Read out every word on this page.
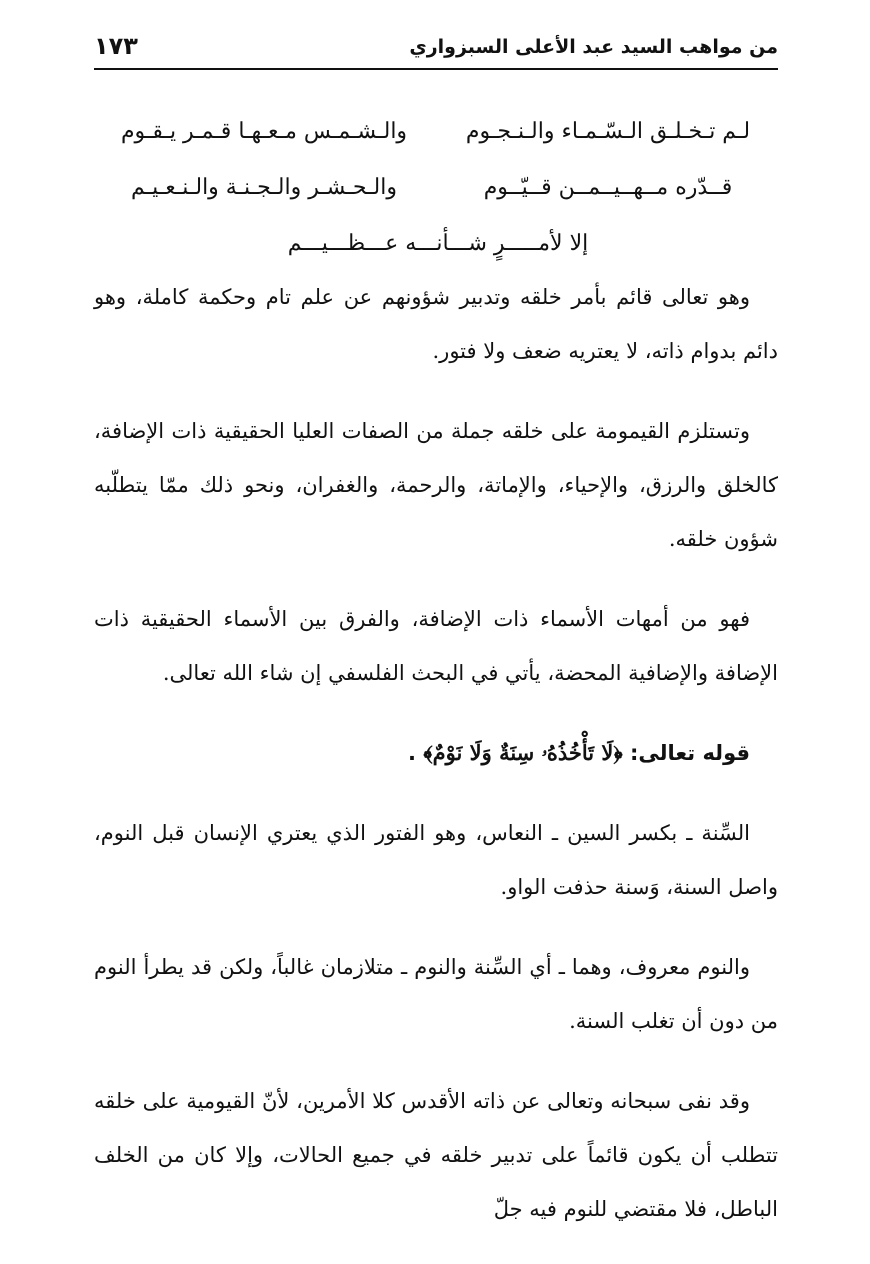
من مواهب السيد عبد الأعلى السبزواري
١٧٣
لـم تـخـلـق الـسّـمـاء والـنـجـوم
والـشـمـس مـعـهـا قـمـر يـقـوم
قــدّره مــهــيــمــن قــيّــوم
والـحـشـر والـجـنـة والـنـعـيـم
إلا لأمـــــرٍ شـــأنـــه عـــظـــيـــم

وهو تعالى قائم بأمر خلقه وتدبير شؤونهم عن علم تام وحكمة كاملة، وهو دائم بدوام ذاته، لا يعتريه ضعف ولا فتور.

وتستلزم القيمومة على خلقه جملة من الصفات العليا الحقيقية ذات الإضافة، كالخلق والرزق، والإحياء، والإماتة، والرحمة، والغفران، ونحو ذلك ممّا يتطلّبه شؤون خلقه.

فهو من أمهات الأسماء ذات الإضافة، والفرق بين الأسماء الحقيقية ذات الإضافة والإضافية المحضة، يأتي في البحث الفلسفي إن شاء الله تعالى.

قوله تعالى: ﴿لَا تَأْخُذُهُۥ سِنَةٌ وَلَا نَوْمٌ﴾ .

السِّنة ـ بكسر السين ـ النعاس، وهو الفتور الذي يعتري الإنسان قبل النوم، واصل السنة، وَسنة حذفت الواو.

والنوم معروف، وهما ـ أي السِّنة والنوم ـ متلازمان غالباً، ولكن قد يطرأ النوم من دون أن تغلب السنة.

وقد نفى سبحانه وتعالى عن ذاته الأقدس كلا الأمرين، لأنّ القيومية على خلقه تتطلب أن يكون قائماً على تدبير خلقه في جميع الحالات، وإلا كان من الخلف الباطل، فلا مقتضي للنوم فيه جلّ
